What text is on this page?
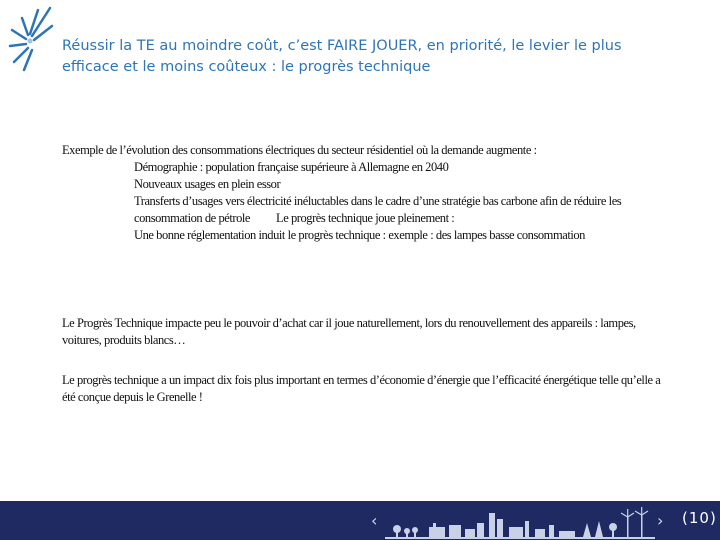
Réussir la TE au moindre coût, c’est FAIRE JOUER, en priorité, le levier le plus efficace et le moins coûteux : le progrès technique
Exemple de l’évolution des consommations électriques du secteur résidentiel où la demande augmente :
Démographie : population française supérieure à Allemagne en 2040
Nouveaux usages en plein essor
Transferts d’usages vers électricité inéluctables dans le cadre d’une stratégie bas carbone afin de réduire les consommation de pétrole Le progrès technique joue pleinement :
Une bonne réglementation induit le progrès technique : exemple : des lampes basse consommation
Le Progrès Technique impacte peu le pouvoir d’achat car il joue naturellement, lors du renouvellement des appareils : lampes, voitures, produits blancs…
Le progrès technique a un impact dix fois plus important en termes d’économie d’énergie que l’efficacité énergétique telle qu’elle a été conçue depuis le Grenelle !
‹	› (10)
